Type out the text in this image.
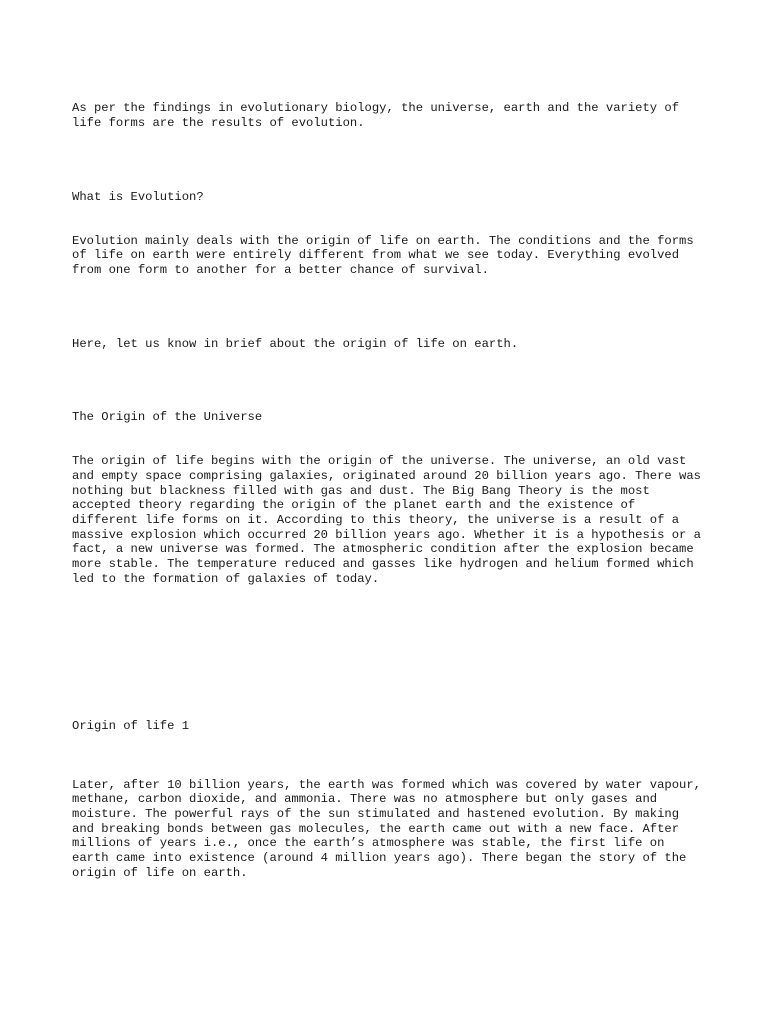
As per the findings in evolutionary biology, the universe, earth and the variety of life forms are the results of evolution.

What is Evolution?

Evolution mainly deals with the origin of life on earth. The conditions and the forms of life on earth were entirely different from what we see today. Everything evolved from one form to another for a better chance of survival.

Here, let us know in brief about the origin of life on earth.

The Origin of the Universe

The origin of life begins with the origin of the universe. The universe, an old vast and empty space comprising galaxies, originated around 20 billion years ago. There was nothing but blackness filled with gas and dust. The Big Bang Theory is the most accepted theory regarding the origin of the planet earth and the existence of different life forms on it. According to this theory, the universe is a result of a massive explosion which occurred 20 billion years ago. Whether it is a hypothesis or a fact, a new universe was formed. The atmospheric condition after the explosion became more stable. The temperature reduced and gasses like hydrogen and helium formed which led to the formation of galaxies of today.

Origin of life 1

Later, after 10 billion years, the earth was formed which was covered by water vapour, methane, carbon dioxide, and ammonia. There was no atmosphere but only gases and moisture. The powerful rays of the sun stimulated and hastened evolution. By making and breaking bonds between gas molecules, the earth came out with a new face. After millions of years i.e., once the earth’s atmosphere was stable, the first life on earth came into existence (around 4 million years ago). There began the story of the origin of life on earth.
